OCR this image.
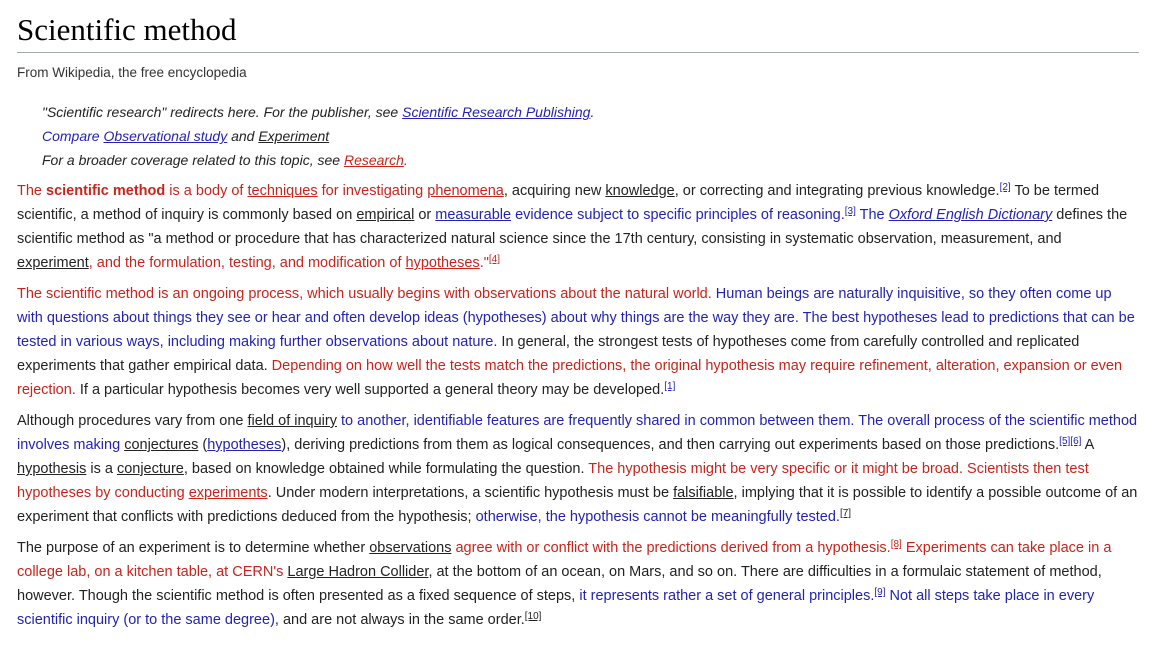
Scientific method
From Wikipedia, the free encyclopedia
"Scientific research" redirects here. For the publisher, see Scientific Research Publishing.
Compare Observational study and Experiment
For a broader coverage related to this topic, see Research.

The scientific method is a body of techniques for investigating phenomena, acquiring new knowledge, or correcting and integrating previous knowledge.[2] To be termed scientific, a method of inquiry is commonly based on empirical or measurable evidence subject to specific principles of reasoning.[3] The Oxford English Dictionary defines the scientific method as "a method or procedure that has characterized natural science since the 17th century, consisting in systematic observation, measurement, and experiment, and the formulation, testing, and modification of hypotheses."[4]

The scientific method is an ongoing process, which usually begins with observations about the natural world. Human beings are naturally inquisitive, so they often come up with questions about things they see or hear and often develop ideas (hypotheses) about why things are the way they are. The best hypotheses lead to predictions that can be tested in various ways, including making further observations about nature. In general, the strongest tests of hypotheses come from carefully controlled and replicated experiments that gather empirical data. Depending on how well the tests match the predictions, the original hypothesis may require refinement, alteration, expansion or even rejection. If a particular hypothesis becomes very well supported a general theory may be developed.[1]

Although procedures vary from one field of inquiry to another, identifiable features are frequently shared in common between them. The overall process of the scientific method involves making conjectures (hypotheses), deriving predictions from them as logical consequences, and then carrying out experiments based on those predictions.[5][6] A hypothesis is a conjecture, based on knowledge obtained while formulating the question. The hypothesis might be very specific or it might be broad. Scientists then test hypotheses by conducting experiments. Under modern interpretations, a scientific hypothesis must be falsifiable, implying that it is possible to identify a possible outcome of an experiment that conflicts with predictions deduced from the hypothesis; otherwise, the hypothesis cannot be meaningfully tested.[7]

The purpose of an experiment is to determine whether observations agree with or conflict with the predictions derived from a hypothesis.[8] Experiments can take place in a college lab, on a kitchen table, at CERN's Large Hadron Collider, at the bottom of an ocean, on Mars, and so on. There are difficulties in a formulaic statement of method, however. Though the scientific method is often presented as a fixed sequence of steps, it represents rather a set of general principles.[9] Not all steps take place in every scientific inquiry (or to the same degree), and are not always in the same order.[10]
